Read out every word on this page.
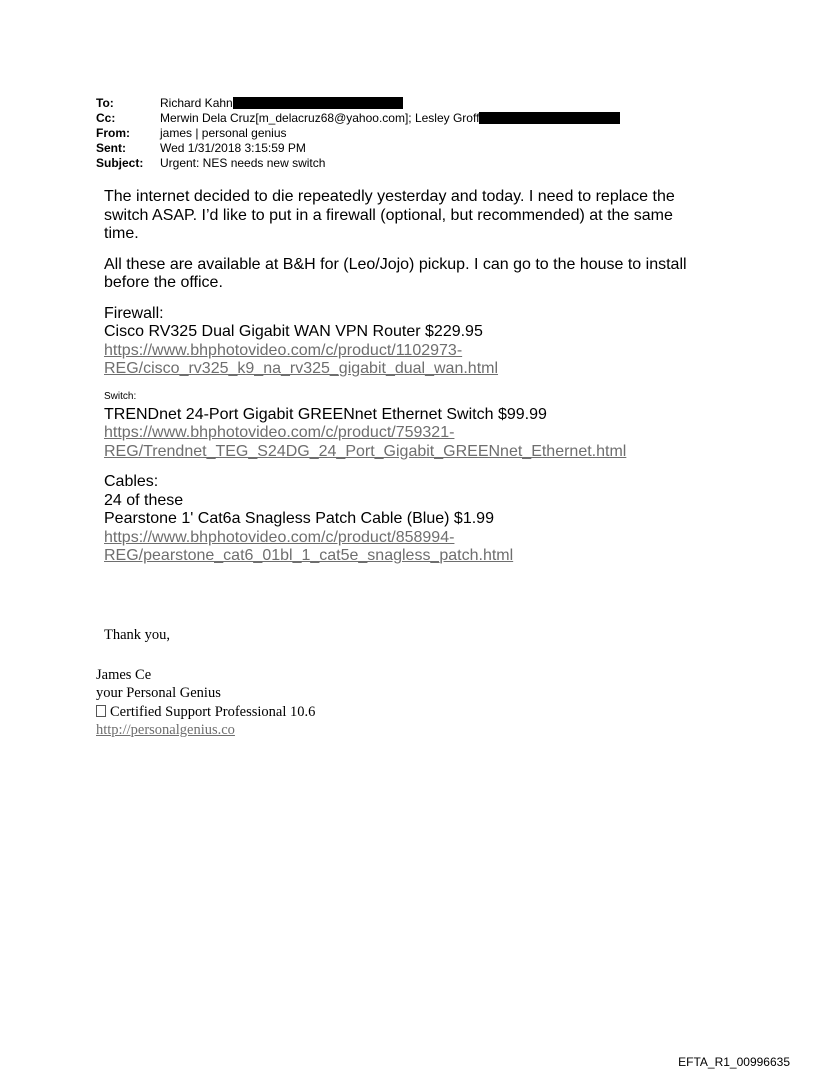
To:	Richard Kahn
Cc:	Merwin Dela Cruz[m_delacruz68@yahoo.com]; Lesley Groff
From:	james | personal genius
Sent:	Wed 1/31/2018 3:15:59 PM
Subject:	Urgent: NES needs new switch

The internet decided to die repeatedly yesterday and today. I need to replace the switch ASAP. I’d like to put in a firewall (optional, but recommended) at the same time.

All these are available at B&H for (Leo/Jojo) pickup. I can go to the house to install before the office.

Firewall:
Cisco RV325 Dual Gigabit WAN VPN Router $229.95
https://www.bhphotovideo.com/c/product/1102973-
REG/cisco_rv325_k9_na_rv325_gigabit_dual_wan.html
Switch:
TRENDnet 24-Port Gigabit GREENnet Ethernet Switch $99.99
https://www.bhphotovideo.com/c/product/759321-
REG/Trendnet_TEG_S24DG_24_Port_Gigabit_GREENnet_Ethernet.html
Cables:
24 of these
Pearstone 1' Cat6a Snagless Patch Cable (Blue) $1.99
https://www.bhphotovideo.com/c/product/858994-
REG/pearstone_cat6_01bl_1_cat5e_snagless_patch.html
Thank you,
James Ce
your Personal Genius
Certified Support Professional 10.6
http://personalgenius.co
EFTA_R1_00996635
